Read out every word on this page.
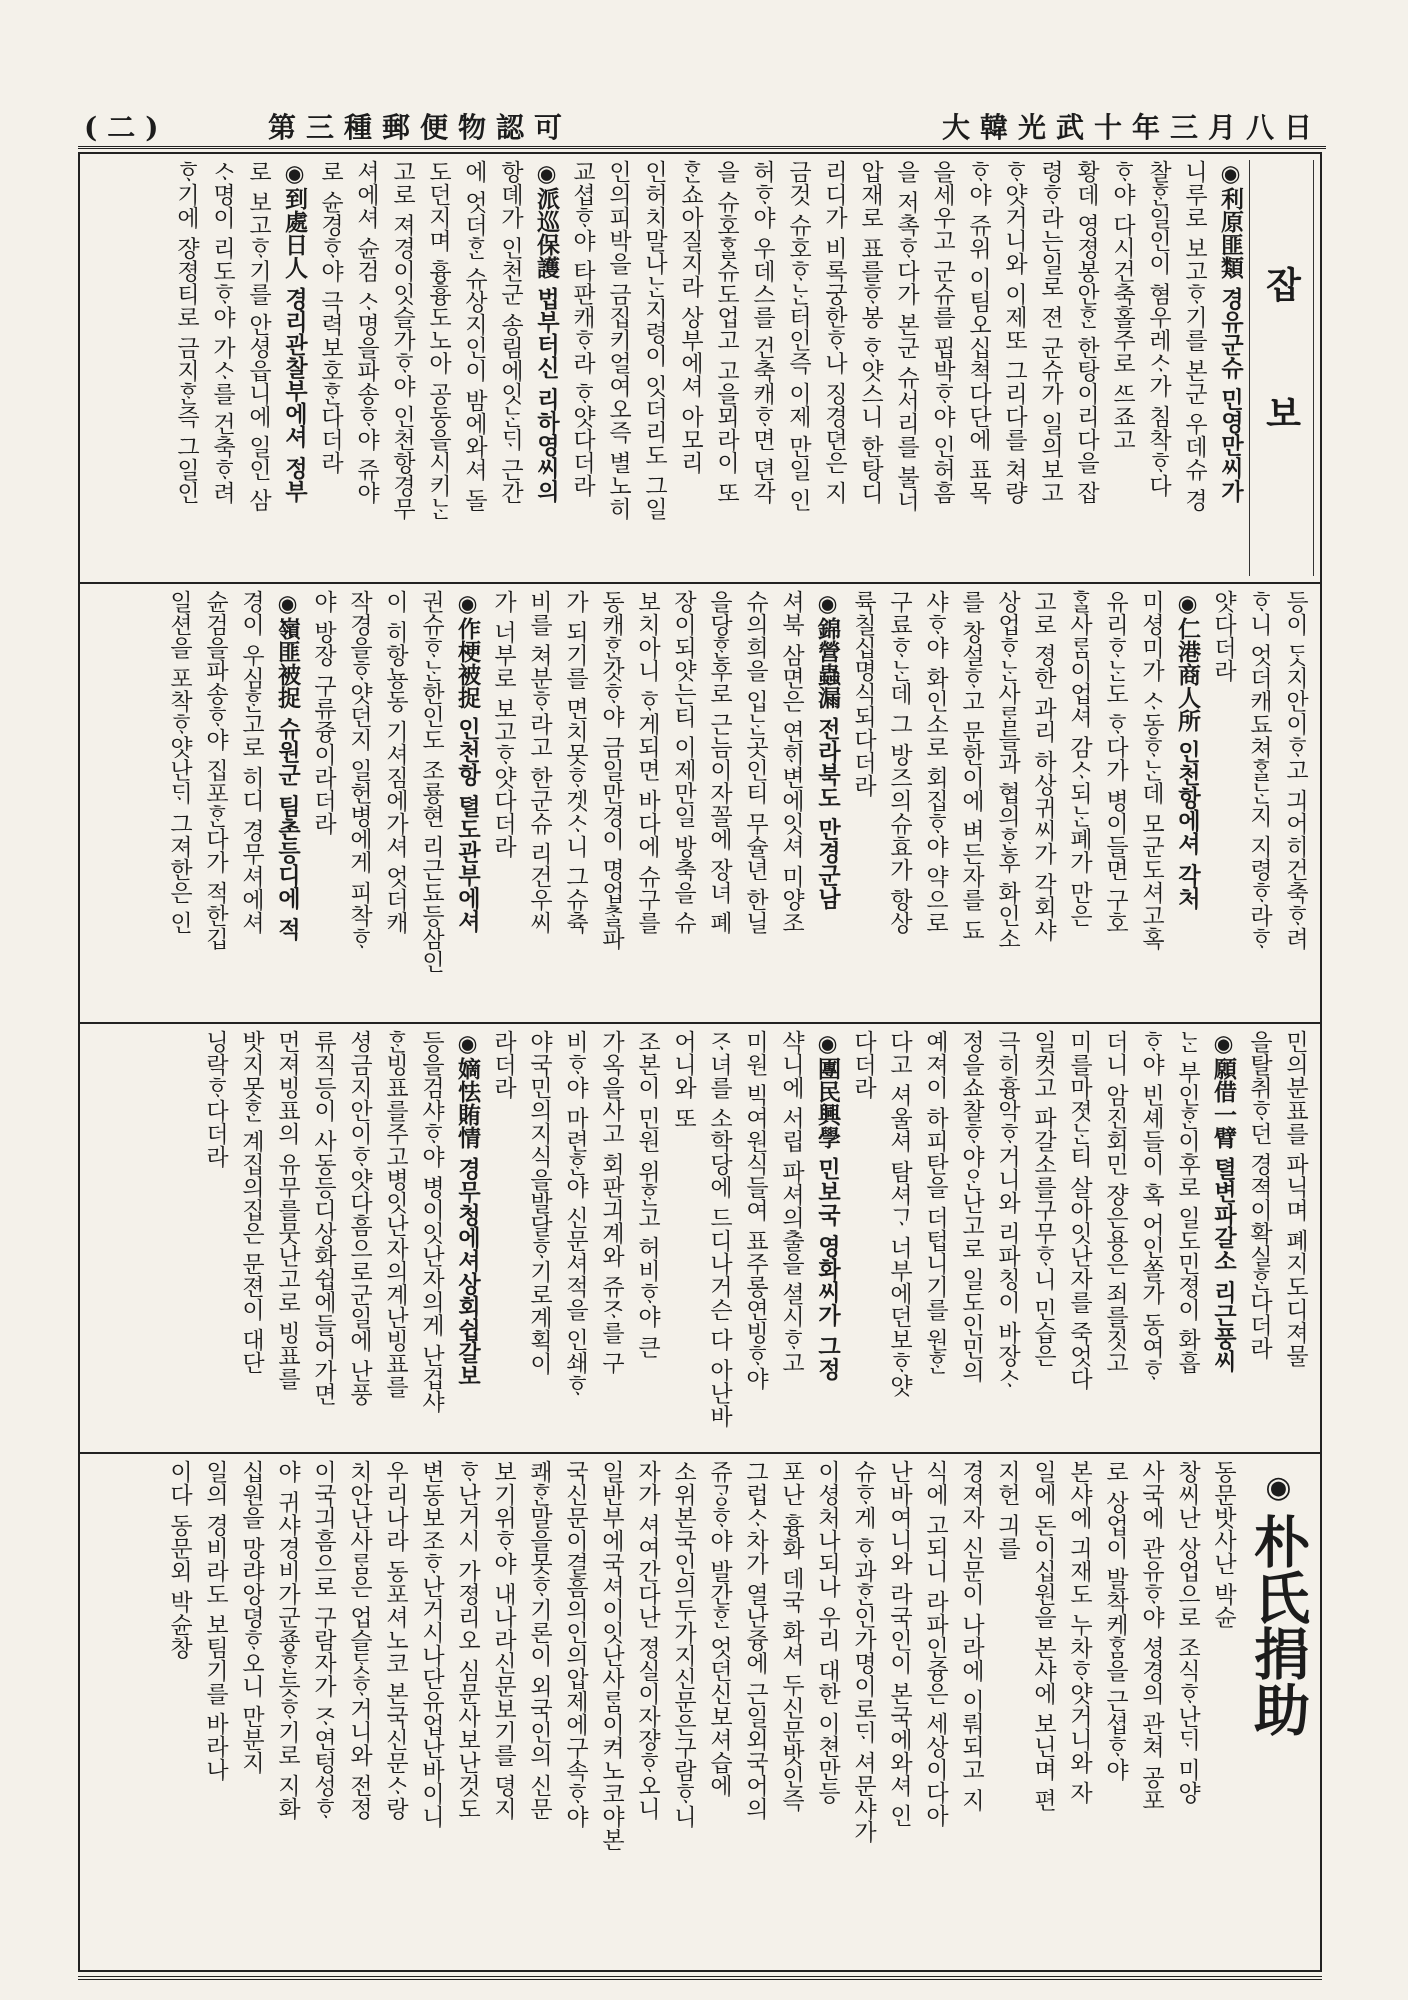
大韓光武十年三月八日
(二)	第三種郵便物認可
잡 보
◉利原匪類 경유군슈 민영만씨가
니루로 보고ᄒᆞ기를 본군 우데슈 경
찰ᄒᆞᆫ일인이 혐우레ᄉᆞ가 침착ᄒᆞ다
ᄒᆞ야 다시건축홀주로 ᄯᅳ죠고
황데 영졍봉안ᄒᆞᆫ 한탕이리다을 잡
령ᄒᆞ라는일로 젼 군슈가 일의보고
ᄒᆞ얏거니와 이제또 그리다를 쳐량
ᄒᆞ야 쥬위 이팀오십쳑다단에 표목
을세우고 군슈를 핍박ᄒᆞ야 인허흠
을 저촉ᄒᆞ다가 본군 슈서리를 불너
압재로 표를ᄒᆞ봉 ᄒᆞ얏스니 한탕디
리디가 비록궁한ᄒᆞ나 징경뎐은 지
금것 슈호ᄒᆞᄂᆞᆫ터인즉 이제 만일 인
허ᄒᆞ야 우데스를 건축캐ᄒᆞ면 뎐각
을 슈호ᄒᆞᆯ슈도업고 고을뫼라이 또
ᄒᆞᆫ쇼아질지라 상부에셔 아모리
인허치말나ᄂᆞᆫ지령이 잇더리도 그일
인의피박을 금집키얼여오즉 별노히
교셥ᄒᆞ야 타판캐ᄒᆞ라 ᄒᆞ얏다더라
◉派巡保護 법부터신 리하영씨의
항뎨가 인천군 송림에잇ᄂᆞᆫᄃᆡ 근간
에 엇더ᄒᆞᆫ 슈상지인이 밤에와셔 돌
도던지며 흉흉도노아 공동을시키ᄂᆞᆫ
고로 져경이잇슬가ᄒᆞ야 인천항경무
셔에셔 슌검 ᄉᆞ명을파송ᄒᆞ야 쥬야
로 슌경ᄒᆞ야 극력보호ᄒᆞᆫ다더라
◉到處日人 경리관찰부에셔 정부
로 보고ᄒᆞ기를 안셩읍니에 일인 삼
ᄉᆞ명이 리도ᄒᆞ야 가ᄉᆞ를 건축ᄒᆞ려
ᄒᆞ기에 쟝졍티로 금지ᄒᆞᆫ즉 그일인
등이 ᄃᆞᆺ지안이ᄒᆞ고 긔어히건축ᄒᆞ려
ᄒᆞ니 엇더캐됴쳐ᄒᆞᆯᄂᆞᆫ지 지령ᄒᆞ라ᄒᆞ
얏다더라
◉仁港商人所 인천항에셔 각처
미셩미가 ᄉᆞ동ᄒᆞᄂᆞᆫ데 모군도셔고혹
유리ᄒᆞᄂᆞᆫ도 ᄒᆞ다가 병이들면 구호
ᄒᆞᆯ사ᄅᆞᆷ이업셔 감ᄉᆞ되ᄂᆞᆫ폐가 만은
고로 졍한 과리 하상귀씨가 각회샤
상업ᄒᆞᄂᆞᆫ사ᄅᆞᆷ들과 협의ᄒᆞᆫ후 화인소
를 창설ᄒᆞ고 문한이에 벼든자를 됴
샤ᄒᆞ야 화인소로 회집ᄒᆞ야 약으로
구료ᄒᆞᄂᆞᆫ데 그 방즈의슈효가 항상
륙칠십명식되다더라
◉錦營蟲漏 전라북도 만경군남
셔북 삼면은 연ᄒᆡ변에잇셔 미양조
슈의희을 입ᄂᆞᆫ곳인티 무슐년 한닐
을당ᄒᆞᆫ후로 근늠이자꼴에 장녀 폐
장이되얏는티 이제만일 방축을 슈
보치아니 ᄒᆞ게되면 바다에 슈구를
동캐ᄒᆞᆫ갓ᄒᆞ야 금일만경이 명업ᄎᆞᆯ파
가 되기를 면치못ᄒᆞ겟ᄉᆞ니 그슈츅
비를 쳐분ᄒᆞ라고 한군슈 리건우씨
가 너부로 보고ᄒᆞ얏다더라
◉作梗被捉 인천항 텰도관부에셔
권슈ᄒᆞᄂᆞᆫ한인도 조룡현 리근됴등삼인
이 히항뇽동 기셔짐에가셔 엇더캐
작경을ᄒᆞ얏던지 일헌병에게 피착ᄒᆞ
야 방장 구류즁이라더라
◉嶺匪被捉 슈원군 팀촌등디에 적
경이 우심ᄒᆞᆫ고로 히디 경무셔에셔
슌검을파송ᄒᆞ야 집포ᄒᆞᆫ다가 적한깁
일션을 포착ᄒᆞ얏난ᄃᆡ 그져한은 인
민의분표를 파닉며 폐지도디져물
을탈취ᄒᆞ던 경젹이확실ᄒᆞᆫ다더라
◉願借一臂 텰변파갈소 리근풍씨
ᄂᆞᆫ 부인ᄒᆞᆫ이후로 일도민졍이 화흡
ᄒᆞ야 빈셰들이 혹 어인쏠가 동여ᄒᆞ
더니 암진회민 쟝은용은 죄를짓고
미를마졋ᄂᆞᆫ티 살아잇난자를 죽엇다
일컷고 파갈소를구무ᄒᆞ니 민습은
극히흉악ᄒᆞ거니와 리파칭이 바장ᄉᆞ
정을쇼찰ᄒᆞ야ᄋᆞᆫ난고로 일도인민의
예져이 하피탄을 더텁니기를 원ᄒᆞᆫ
다고 셔울셔 탐셔ᄀᆞ 너부에던보ᄒᆞ얏
다더라
◉團民興學 민보국 영화씨가 그정
샥니에 서립 파셔의출을 셜시ᄒᆞ고
미원 빅여원식들여 표주롱연빙ᄒᆞ야
ᄌᆞ녀를 소학당에 드디나거슨 다 아난바
어니와 또
조본이 민원 위ᄒᆞᆫ고 허비ᄒᆞ야 큰
가옥을사고 회판긔계와 쥬ᄌᆞ를 구
비ᄒᆞ야 마련ᄒᆞᆫ야 신문셔적을 인쇄ᄒᆞ
야국민의지식을발달ᄒᆞ기로계획이
라더라
◉嫡怯賄情 경무청에셔상회쉽갈보
등을검샤ᄒᆞ야 병이잇난자의게 난겁샤
ᄒᆞᆫ빙표를주고병잇난자의계난빙표를
셩금지안이ᄒᆞ얏다흠으로군일에 난풍
류직등이 사동등디상화쉽에들어가면
먼져빙표의 유무를뭇난고로 빙표를
밧지못ᄒᆞᆫ 계집의집은 문젼이 대단
닝락ᄒᆞ다더라
◉朴氏捐助
동문밧사난 박슌
창씨난 상업으로 조식ᄒᆞ난ᄃᆡ 미양
사국에 관유ᄒᆞ야 셩경의 관쳐 공포
로 상업이 발착케ᄒᆞᆷ을 근셥ᄒᆞ야
본샤에 긔재도 누차ᄒᆞ얏거니와 자
일에 돈이십원을 본샤에 보닌며 편
지헌 긔를
경져자 신문이 나라에 이뤄되고 지
식에 고되니 라파인즁은 세상이다아
난바여니와 라국인이 본국에와셔 인
슈ᄒᆞ게 ᄒᆞ과ᄒᆞᆫ인가명이로ᄃᆡ 셔문샤가
이셩처나되나 우리 대한 이쳔만등
포난 흉화 데국 화셔 두신문밧인즉
그럽ᄉᆞ차가 열난즁에 근일외국어의
쥬ᄀᆞᆼᄒᆞ야 발간ᄒᆞᆫ 엇던신보셔습에
소위본국인의두가지신문은구람ᄒᆞ니
자가 셔여간다난 졍실이자쟝ᄒᆞ오니
일반부에국셔이잇난사ᄅᆞᆷ이켜노코야본
국신문이결흠의인의압제에구속ᄒᆞ야
쾌ᄒᆞᆫ말을못ᄒᆞ기론이 외국인의 신문
보기위ᄒᆞ야 내나라신문보기를 뎡지
ᄒᆞ난거시 가졍리오 심문사보난것도
변동보조ᄒᆞ난거시나단유업난바이니
우리나라 동포셔노코 본국신문ᄉᆞ랑
치안난사ᄅᆞᆷ은 업슬ᄃᆞᆺᄒᆞ거니와 전정
이국긔흠으로 구람자가 ᄌᆞ연텅성ᄒᆞ
야 귀샤경비가군죵ᄒᆞᆫ듯ᄒᆞ기로 지화
십원을 망랴앙뎡ᄒᆞ오니 만분지
일의 경비라도 보팀기를 바라나
이다 동문외 박슌창
